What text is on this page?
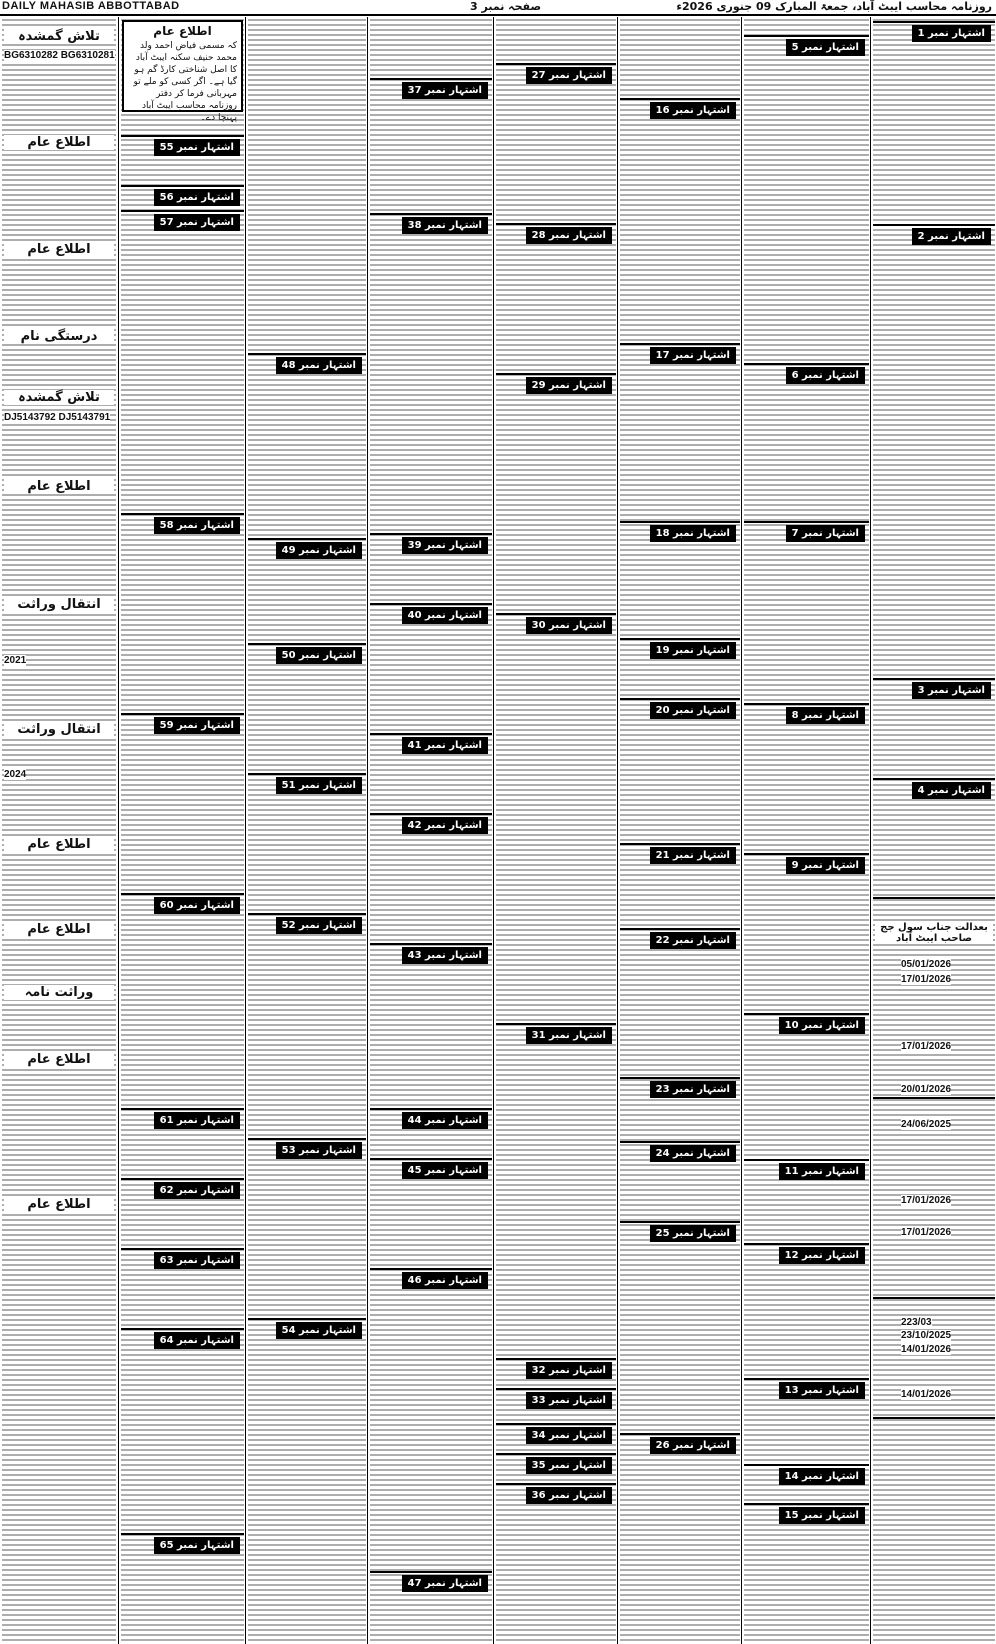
DAILY MAHASIB ABBOTTABAD	صفحہ نمبر 3	روزنامہ محاسب ایبٹ آباد، جمعۃ المبارک 09 جنوری 2026ء
تلاش گمشدہ
اطلاع عام
اطلاع عام
درستگی نام
تلاش گمشدہ
اطلاع عام
انتقال وراثت
انتقال وراثت
اطلاع عام
اطلاع عام
وراثت نامہ
اطلاع عام
اطلاع عام
BG6310282 BG6310281
DJ5143792 DJ5143791
2021
2024
اشتہار نمبر 55
اشتہار نمبر 56
اشتہار نمبر 57
اشتہار نمبر 58
اشتہار نمبر 59
اشتہار نمبر 60
اشتہار نمبر 61
اشتہار نمبر 62
اشتہار نمبر 63
اشتہار نمبر 64
اشتہار نمبر 65
اطلاع عام
کہ مسمی فیاض احمد ولد محمد حنیف سکنہ ایبٹ آباد کا اصل شناختی کارڈ گم ہو گیا ہے۔ اگر کسی کو ملے تو مہربانی فرما کر دفتر روزنامہ محاسب ایبٹ آباد پہنچا دے۔
اشتہار نمبر 48
اشتہار نمبر 49
اشتہار نمبر 50
اشتہار نمبر 51
اشتہار نمبر 52
اشتہار نمبر 53
اشتہار نمبر 54
اشتہار نمبر 37
اشتہار نمبر 38
اشتہار نمبر 39
اشتہار نمبر 40
اشتہار نمبر 41
اشتہار نمبر 42
اشتہار نمبر 43
اشتہار نمبر 44
اشتہار نمبر 45
اشتہار نمبر 46
اشتہار نمبر 47
اشتہار نمبر 27
اشتہار نمبر 28
اشتہار نمبر 29
اشتہار نمبر 30
اشتہار نمبر 31
اشتہار نمبر 32
اشتہار نمبر 33
اشتہار نمبر 34
اشتہار نمبر 35
اشتہار نمبر 36
اشتہار نمبر 16
اشتہار نمبر 17
اشتہار نمبر 18
اشتہار نمبر 19
اشتہار نمبر 20
اشتہار نمبر 21
اشتہار نمبر 22
اشتہار نمبر 23
اشتہار نمبر 24
اشتہار نمبر 25
اشتہار نمبر 26
اشتہار نمبر 5
اشتہار نمبر 6
اشتہار نمبر 7
اشتہار نمبر 8
اشتہار نمبر 9
اشتہار نمبر 10
اشتہار نمبر 11
اشتہار نمبر 12
اشتہار نمبر 13
اشتہار نمبر 14
اشتہار نمبر 15
اشتہار نمبر 1
اشتہار نمبر 2
اشتہار نمبر 3
اشتہار نمبر 4
بعدالت جناب سول جج صاحب ایبٹ آباد
05/01/2026
17/01/2026
17/01/2026
20/01/2026
24/06/2025
17/01/2026
17/01/2026
223/03
23/10/2025
14/01/2026
14/01/2026
